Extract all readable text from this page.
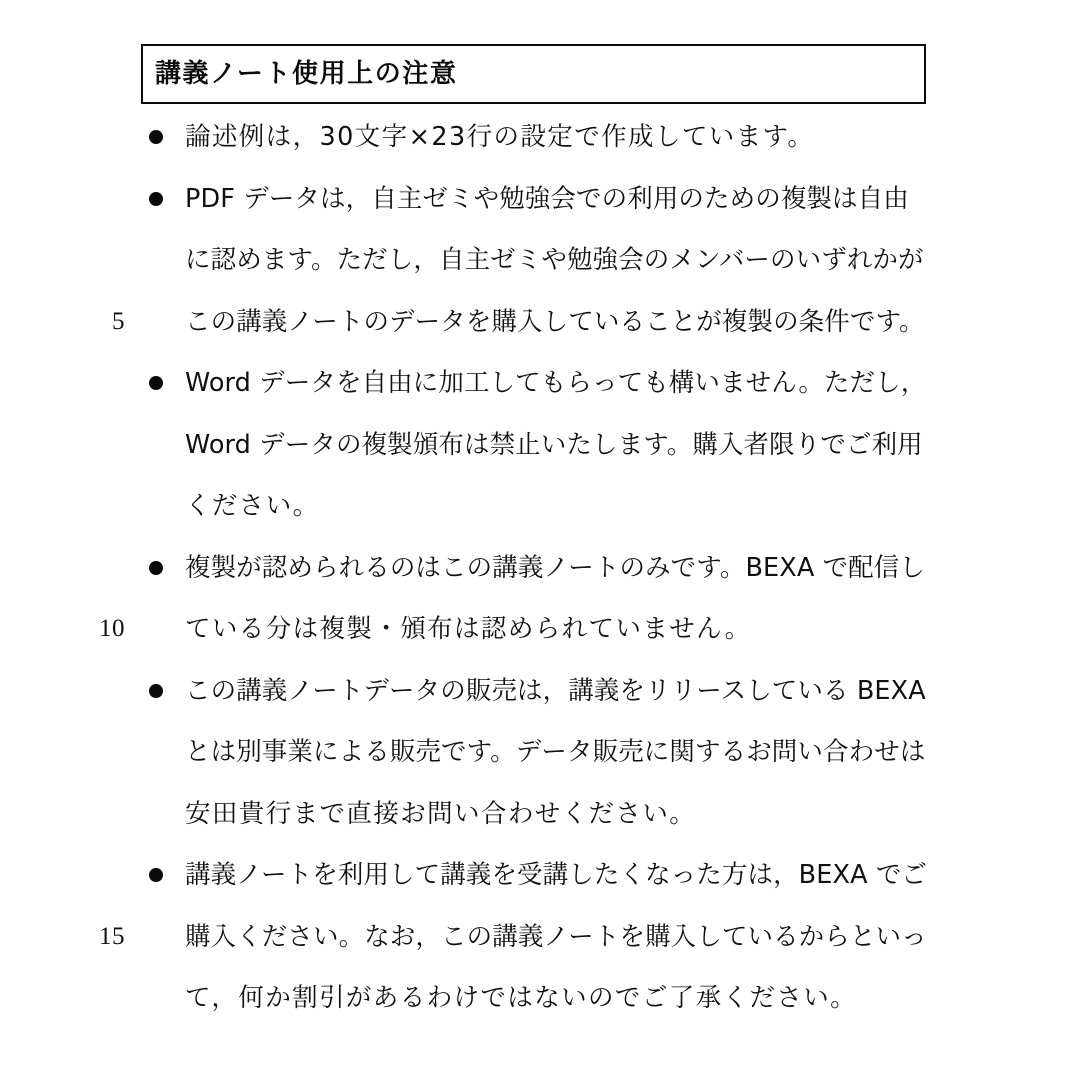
講義ノート使用上の注意
論述例は，30文字×23行の設定で作成しています。
PDF データは，自主ゼミや勉強会での利用のための複製は自由
に認めます。ただし，自主ゼミや勉強会のメンバーのいずれかが
5 この講義ノートのデータを購入していることが複製の条件です。
Word データを自由に加工してもらっても構いません。ただし，
Word データの複製頒布は禁止いたします。購入者限りでご利用
ください。
複製が認められるのはこの講義ノートのみです。BEXA で配信し
10 ている分は複製・頒布は認められていません。
この講義ノートデータの販売は，講義をリリースしている BEXA
とは別事業による販売です。データ販売に関するお問い合わせは
安田貴行まで直接お問い合わせください。
講義ノートを利用して講義を受講したくなった方は，BEXA でご
15 購入ください。なお，この講義ノートを購入しているからといっ
て，何か割引があるわけではないのでご了承ください。
